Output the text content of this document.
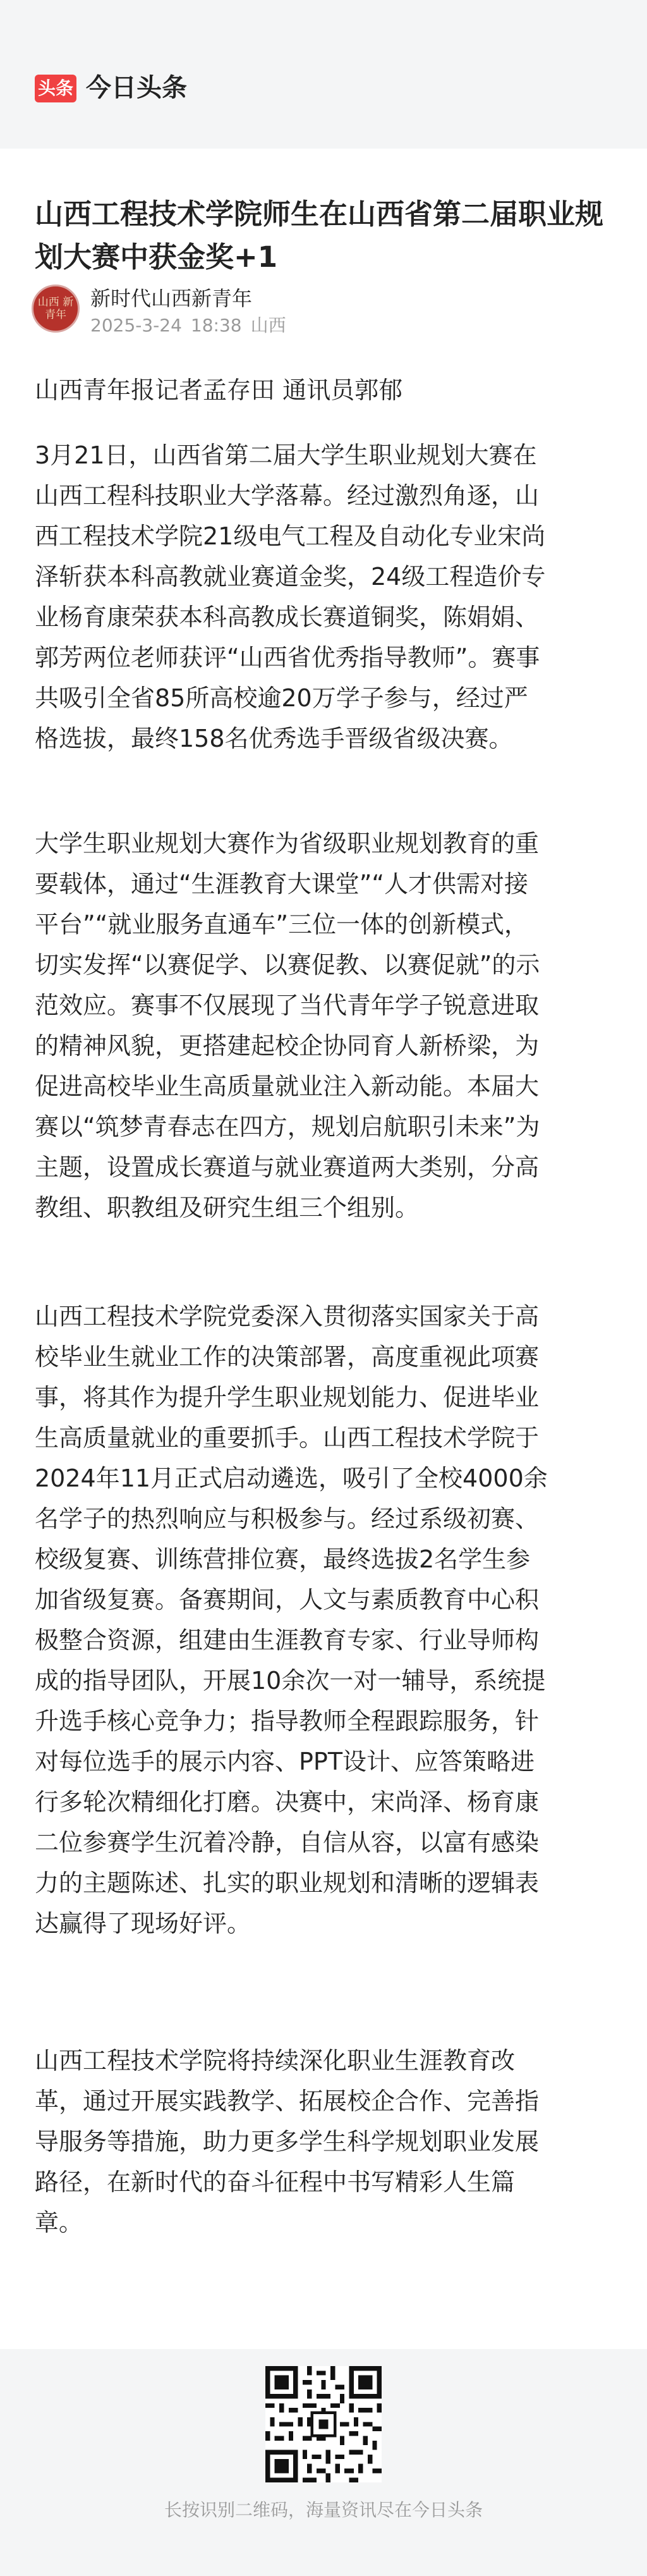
头条 今日头条
山西工程技术学院师生在山西省第二届职业规划大赛中获金奖+1
山西 新青年
新时代山西新青年
2025-3-24 18:38 山西

山西青年报记者孟存田 通讯员郭郁

3月21日，山西省第二届大学生职业规划大赛在
山西工程科技职业大学落幕。经过激烈角逐，山
西工程技术学院21级电气工程及自动化专业宋尚
泽斩获本科高教就业赛道金奖，24级工程造价专
业杨育康荣获本科高教成长赛道铜奖，陈娟娟、
郭芳两位老师获评“山西省优秀指导教师”。赛事
共吸引全省85所高校逾20万学子参与，经过严
格选拔，最终158名优秀选手晋级省级决赛。

大学生职业规划大赛作为省级职业规划教育的重
要载体，通过“生涯教育大课堂”“人才供需对接
平台”“就业服务直通车”三位一体的创新模式，
切实发挥“以赛促学、以赛促教、以赛促就”的示
范效应。赛事不仅展现了当代青年学子锐意进取
的精神风貌，更搭建起校企协同育人新桥梁，为
促进高校毕业生高质量就业注入新动能。本届大
赛以“筑梦青春志在四方，规划启航职引未来”为
主题，设置成长赛道与就业赛道两大类别，分高
教组、职教组及研究生组三个组别。

山西工程技术学院党委深入贯彻落实国家关于高
校毕业生就业工作的决策部署，高度重视此项赛
事，将其作为提升学生职业规划能力、促进毕业
生高质量就业的重要抓手。山西工程技术学院于
2024年11月正式启动遴选，吸引了全校4000余
名学子的热烈响应与积极参与。经过系级初赛、
校级复赛、训练营排位赛，最终选拔2名学生参
加省级复赛。备赛期间，人文与素质教育中心积
极整合资源，组建由生涯教育专家、行业导师构
成的指导团队，开展10余次一对一辅导，系统提
升选手核心竞争力；指导教师全程跟踪服务，针
对每位选手的展示内容、PPT设计、应答策略进
行多轮次精细化打磨。决赛中，宋尚泽、杨育康
二位参赛学生沉着冷静，自信从容，以富有感染
力的主题陈述、扎实的职业规划和清晰的逻辑表
达赢得了现场好评。

山西工程技术学院将持续深化职业生涯教育改
革，通过开展实践教学、拓展校企合作、完善指
导服务等措施，助力更多学生科学规划职业发展
路径，在新时代的奋斗征程中书写精彩人生篇
章。

长按识别二维码，海量资讯尽在今日头条
